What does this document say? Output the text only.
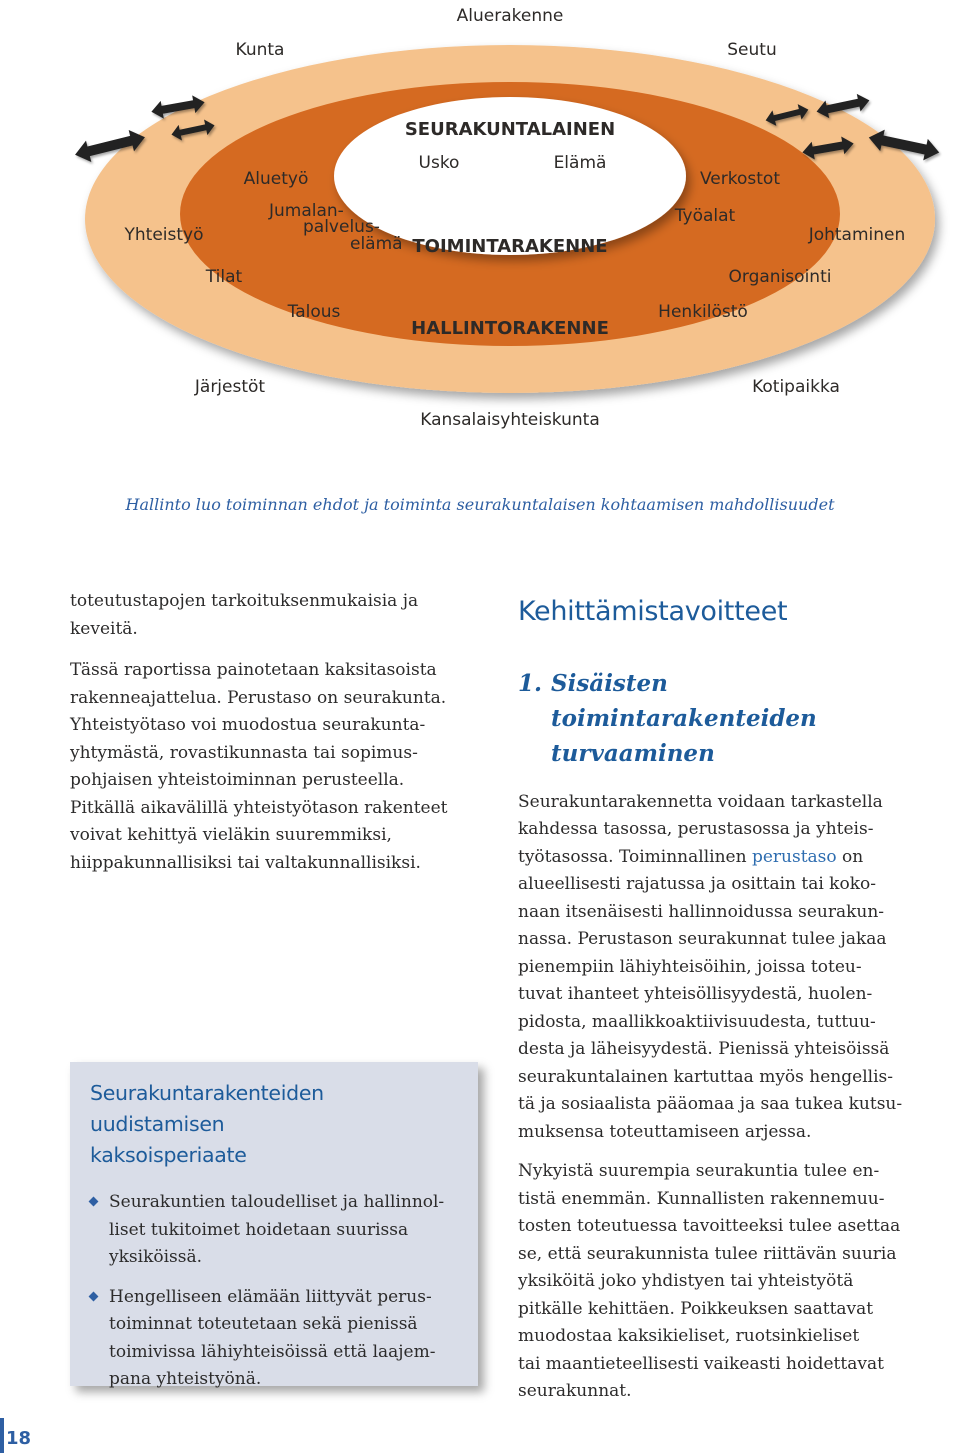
Aluerakenne
Kunta	Seutu
Yhteistyö	Johtaminen
Tilat	Organisointi
Järjestöt	Kotipaikka
Kansalaisyhteiskunta
Aluetyö	Verkostot
Jumalan-
palvelus-
elämä
Työalat
TOIMINTARAKENNE
Talous	Henkilöstö
HALLINTORAKENNE
SEURAKUNTALAINEN
Usko	Elämä
Hallinto luo toiminnan ehdot ja toiminta seurakuntalaisen kohtaamisen mahdollisuudet

toteutustapojen tarkoituksenmukaisia ja
keveitä.

Tässä raportissa painotetaan kaksitasoista
rakenneajattelua. Perustaso on seurakunta.
Yhteistyötaso voi muodostua seurakunta-
yhtymästä, rovastikunnasta tai sopimus-
pohjaisen yhteistoiminnan perusteella.
Pitkällä aikavälillä yhteistyötason rakenteet
voivat kehittyä vieläkin suuremmiksi,
hiippakunnallisiksi tai valtakunnallisiksi.

Seurakuntarakenteiden uudistamisen
kaksoisperiaate
Seurakuntien taloudelliset ja hallinnol-
liset tukitoimet hoidetaan suurissa
yksiköissä.
Hengelliseen elämään liittyvät perus-
toiminnat toteutetaan sekä pienissä
toimivissa lähiyhteisöissä että laajem-
pana yhteistyönä.
Kehittämistavoitteet
1. Sisäisten toimintarakenteiden
turvaaminen

Seurakuntarakennetta voidaan tarkastella
kahdessa tasossa, perustasossa ja yhteis-
työtasossa. Toiminnallinen perustaso on
alueellisesti rajatussa ja osittain tai koko-
naan itsenäisesti hallinnoidussa seurakun-
nassa. Perustason seurakunnat tulee jakaa
pienempiin lähiyhteisöihin, joissa toteu-
tuvat ihanteet yhteisöllisyydestä, huolen-
pidosta, maallikkoaktiivisuudesta, tuttuu-
desta ja läheisyydestä. Pienissä yhteisöissä
seurakuntalainen kartuttaa myös hengellis-
tä ja sosiaalista pääomaa ja saa tukea kutsu-
muksensa toteuttamiseen arjessa.

Nykyistä suurempia seurakuntia tulee en-
tistä enemmän. Kunnallisten rakennemuu-
tosten toteutuessa tavoitteeksi tulee asettaa
se, että seurakunnista tulee riittävän suuria
yksiköitä joko yhdistyen tai yhteistyötä
pitkälle kehittäen. Poikkeuksen saattavat
muodostaa kaksikieliset, ruotsinkieliset
tai maantieteellisesti vaikeasti hoidettavat
seurakunnat.

18
